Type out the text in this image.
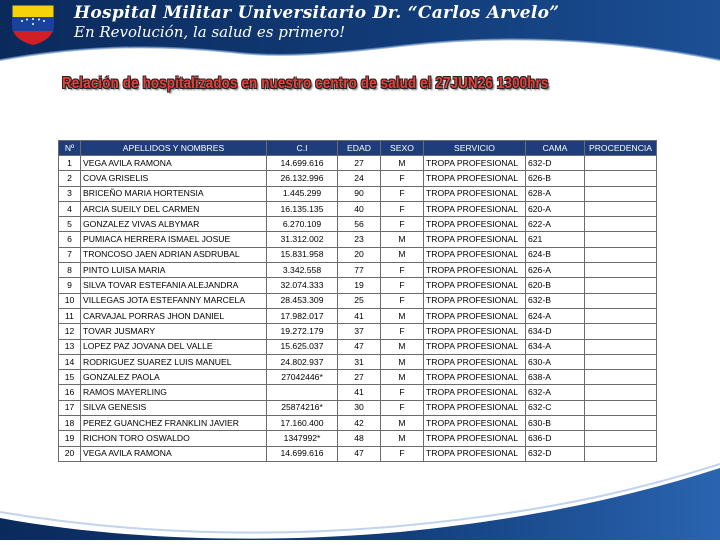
Hospital Militar Universitario Dr. “Carlos Arvelo”
En Revolución, la salud es primero!
Relación de hospitalizados en nuestro centro de salud el 27JUN26 1300hrs
Nº	APELLIDOS Y NOMBRES	C.I	EDAD	SEXO	SERVICIO	CAMA	PROCEDENCIA
1	VEGA AVILA RAMONA	14.699.616	27	M	TROPA PROFESIONAL	632-D	
2	COVA GRISELIS	26.132.996	24	F	TROPA PROFESIONAL	626-B	
3	BRICEÑO MARIA HORTENSIA	1.445.299	90	F	TROPA PROFESIONAL	628-A	
4	ARCIA SUEILY DEL CARMEN	16.135.135	40	F	TROPA PROFESIONAL	620-A	
5	GONZALEZ VIVAS ALBYMAR	6.270.109	56	F	TROPA PROFESIONAL	622-A	
6	PUMIACA HERRERA ISMAEL JOSUE	31.312.002	23	M	TROPA PROFESIONAL	621	
7	TRONCOSO JAEN ADRIAN ASDRUBAL	15.831.958	20	M	TROPA PROFESIONAL	624-B	
8	PINTO LUISA MARIA	3.342.558	77	F	TROPA PROFESIONAL	626-A	
9	SILVA TOVAR ESTEFANIA ALEJANDRA	32.074.333	19	F	TROPA PROFESIONAL	620-B	
10	VILLEGAS JOTA ESTEFANNY MARCELA	28.453.309	25	F	TROPA PROFESIONAL	632-B	
11	CARVAJAL PORRAS JHON DANIEL	17.982.017	41	M	TROPA PROFESIONAL	624-A	
12	TOVAR JUSMARY	19.272.179	37	F	TROPA PROFESIONAL	634-D	
13	LOPEZ PAZ JOVANA DEL VALLE	15.625.037	47	M	TROPA PROFESIONAL	634-A	
14	RODRIGUEZ SUAREZ LUIS MANUEL	24.802.937	31	M	TROPA PROFESIONAL	630-A	
15	GONZALEZ PAOLA	27042446*	27	M	TROPA PROFESIONAL	638-A	
16	RAMOS MAYERLING		41	F	TROPA PROFESIONAL	632-A	
17	SILVA GENESIS	25874216*	30	F	TROPA PROFESIONAL	632-C	
18	PEREZ GUANCHEZ FRANKLIN JAVIER	17.160.400	42	M	TROPA PROFESIONAL	630-B	
19	RICHON TORO OSWALDO	1347992*	48	M	TROPA PROFESIONAL	636-D	
20	VEGA AVILA RAMONA	14.699.616	47	F	TROPA PROFESIONAL	632-D	
